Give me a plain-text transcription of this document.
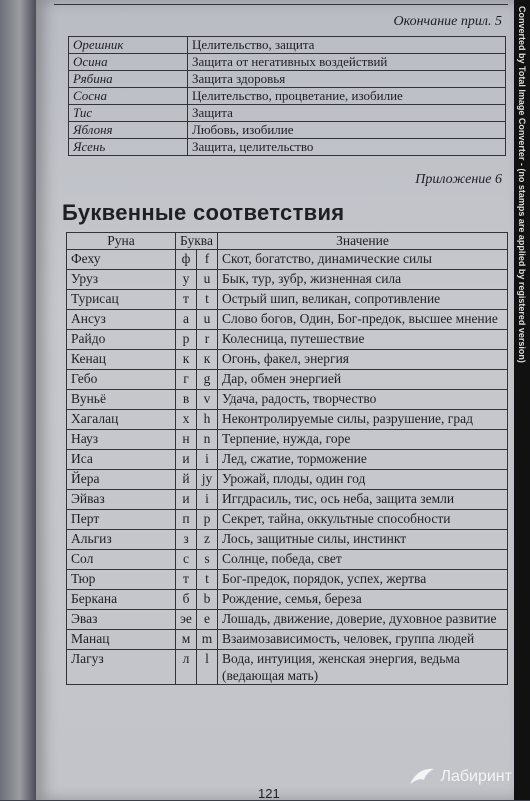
Окончание прил. 5
Орешник	Целительство, защита
Осина	Защита от негативных воздействий
Рябина	Защита здоровья
Сосна	Целительство, процветание, изобилие
Тис	Защита
Яблоня	Любовь, изобилие
Ясень	Защита, целительство
Приложение 6
Буквенные соответствия
Руна	Буква		Значение
Феху	ф	f	Скот, богатство, динамические силы
Уруз	у	u	Бык, тур, зубр, жизненная сила
Турисац	т	t	Острый шип, великан, сопротивление
Ансуз	а	u	Слово богов, Один, Бог-предок, высшее мнение
Райдо	р	r	Колесница, путешествие
Кенац	к	к	Огонь, факел, энергия
Гебо	г	g	Дар, обмен энергией
Вуньё	в	v	Удача, радость, творчество
Хагалац	х	h	Неконтролируемые силы, разрушение, град
Науз	н	n	Терпение, нужда, горе
Иса	и	i	Лед, сжатие, торможение
Йера	й	jy	Урожай, плоды, один год
Эйваз	и	i	Иггдрасиль, тис, ось неба, защита земли
Перт	п	p	Секрет, тайна, оккультные способности
Альгиз	з	z	Лось, защитные силы, инстинкт
Сол	с	s	Солнце, победа, свет
Тюр	т	t	Бог-предок, порядок, успех, жертва
Беркана	б	b	Рождение, семья, береза
Эваз	эе	e	Лошадь, движение, доверие, духовное развитие
Манац	м	m	Взаимозависимость, человек, группа людей
Лагуз	л	l	Вода, интуиция, женская энергия, ведьма (ведающая мать)
121
Лабиринт
Converted by Total Image Converter - (no stamps are applied by registered version)
